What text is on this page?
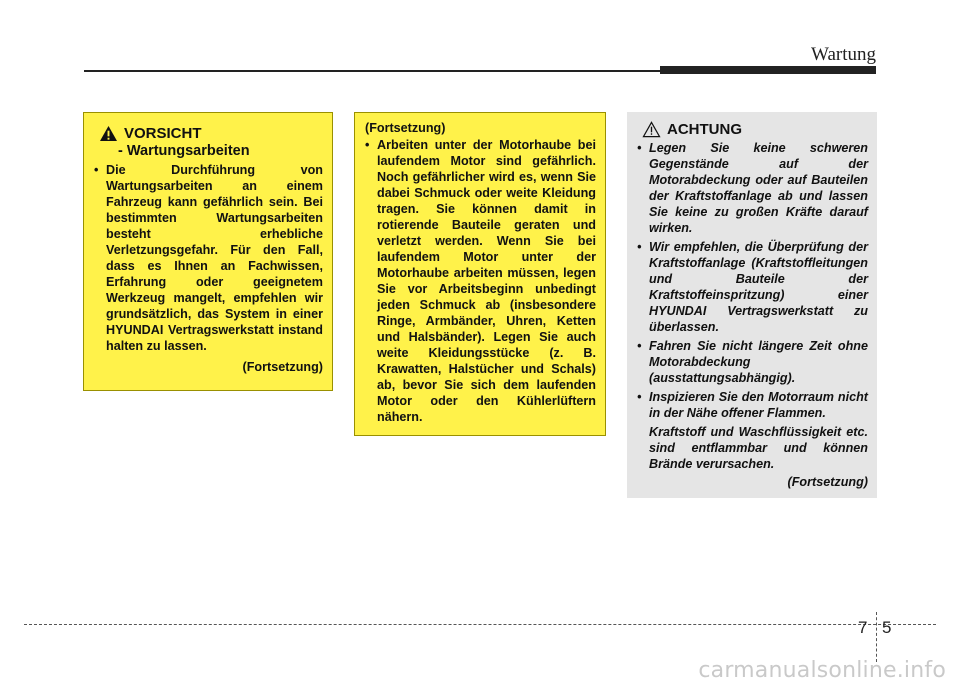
Wartung
VORSICHT
- Wartungsarbeiten
• Die Durchführung von Wartungsarbeiten an einem Fahrzeug kann gefährlich sein. Bei bestimmten Wartungsarbeiten besteht erhebliche Verletzungsgefahr. Für den Fall, dass es Ihnen an Fachwissen, Erfahrung oder geeignetem Werkzeug mangelt, empfehlen wir grundsätzlich, das System in einer HYUNDAI Vertragswerkstatt instand halten zu lassen.
(Fortsetzung)
(Fortsetzung)
• Arbeiten unter der Motorhaube bei laufendem Motor sind gefährlich. Noch gefährlicher wird es, wenn Sie dabei Schmuck oder weite Kleidung tragen. Sie können damit in rotierende Bauteile geraten und verletzt werden. Wenn Sie bei laufendem Motor unter der Motorhaube arbeiten müssen, legen Sie vor Arbeitsbeginn unbedingt jeden Schmuck ab (insbesondere Ringe, Armbänder, Uhren, Ketten und Halsbänder). Legen Sie auch weite Kleidungsstücke (z. B. Krawatten, Halstücher und Schals) ab, bevor Sie sich dem laufenden Motor oder den Kühlerlüftern nähern.
ACHTUNG
• Legen Sie keine schweren Gegenstände auf der Motorabdeckung oder auf Bauteilen der Kraftstoffanlage ab und lassen Sie keine zu großen Kräfte darauf wirken.
• Wir empfehlen, die Überprüfung der Kraftstoffanlage (Kraftstoffleitungen und Bauteile der Kraftstoffeinspritzung) einer HYUNDAI Vertragswerkstatt zu überlassen.
• Fahren Sie nicht längere Zeit ohne Motorabdeckung (ausstattungsabhängig).
• Inspizieren Sie den Motorraum nicht in der Nähe offener Flammen.

Kraftstoff und Waschflüssigkeit etc. sind entflammbar und können Brände verursachen.

(Fortsetzung)
7 5
carmanualsonline.info
